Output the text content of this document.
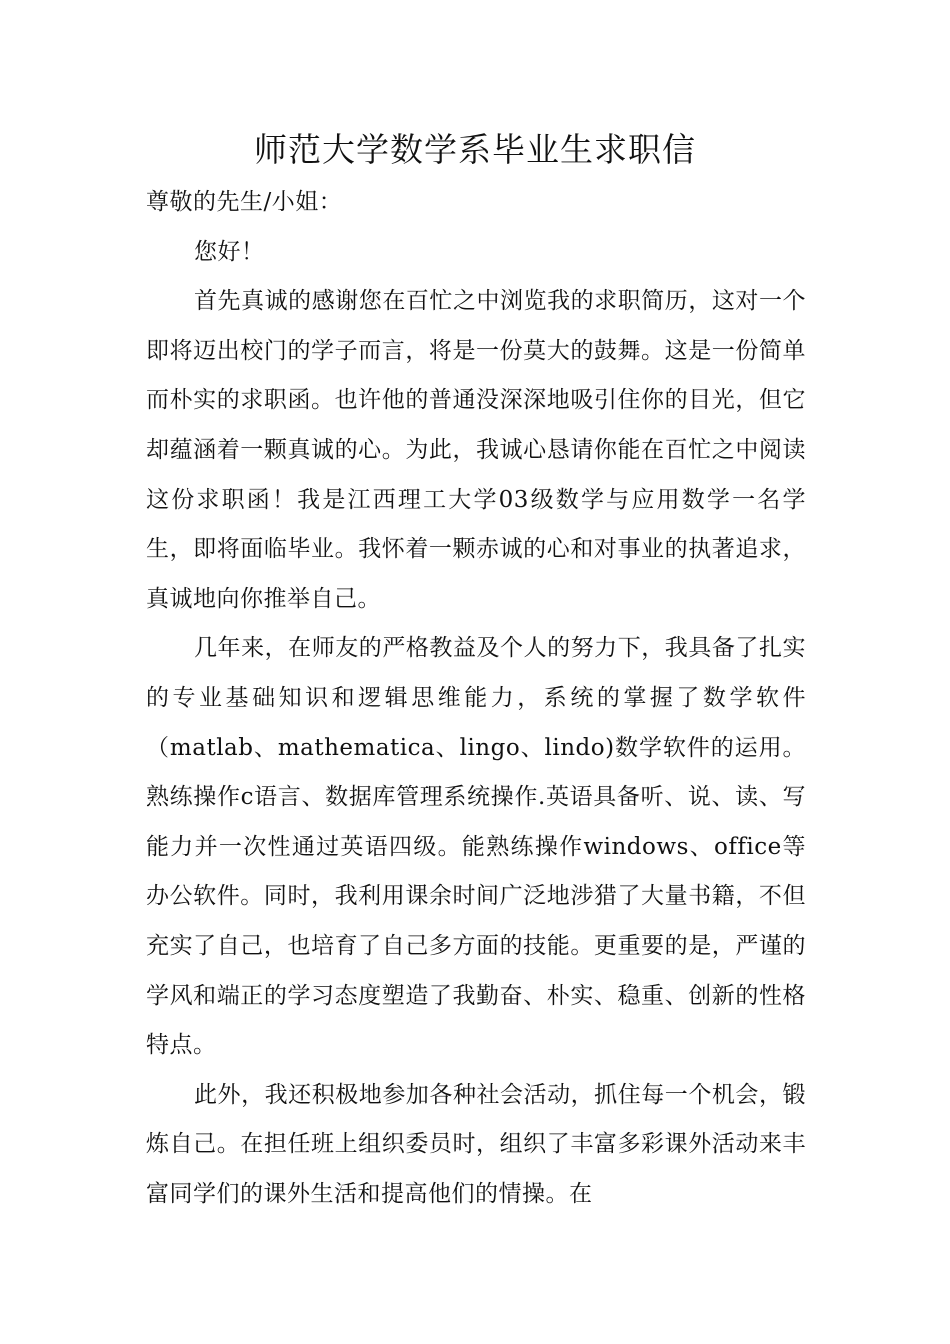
师范大学数学系毕业生求职信

尊敬的先生/小姐：

您好！

首先真诚的感谢您在百忙之中浏览我的求职简历，这对一个即将迈出校门的学子而言，将是一份莫大的鼓舞。这是一份简单而朴实的求职函。也许他的普通没深深地吸引住你的目光，但它却蕴涵着一颗真诚的心。为此，我诚心恳请你能在百忙之中阅读这份求职函！我是江西理工大学03级数学与应用数学一名学生，即将面临毕业。我怀着一颗赤诚的心和对事业的执著追求，真诚地向你推举自己。

几年来，在师友的严格教益及个人的努力下，我具备了扎实的专业基础知识和逻辑思维能力，系统的掌握了数学软件（matlab、mathematica、lingo、lindo)数学软件的运用。熟练操作c语言、数据库管理系统操作.英语具备听、说、读、写能力并一次性通过英语四级。能熟练操作windows、office等办公软件。同时，我利用课余时间广泛地涉猎了大量书籍，不但充实了自己，也培育了自己多方面的技能。更重要的是，严谨的学风和端正的学习态度塑造了我勤奋、朴实、稳重、创新的性格特点。

此外，我还积极地参加各种社会活动，抓住每一个机会，锻炼自己。在担任班上组织委员时，组织了丰富多彩课外活动来丰富同学们的课外生活和提高他们的情操。在
